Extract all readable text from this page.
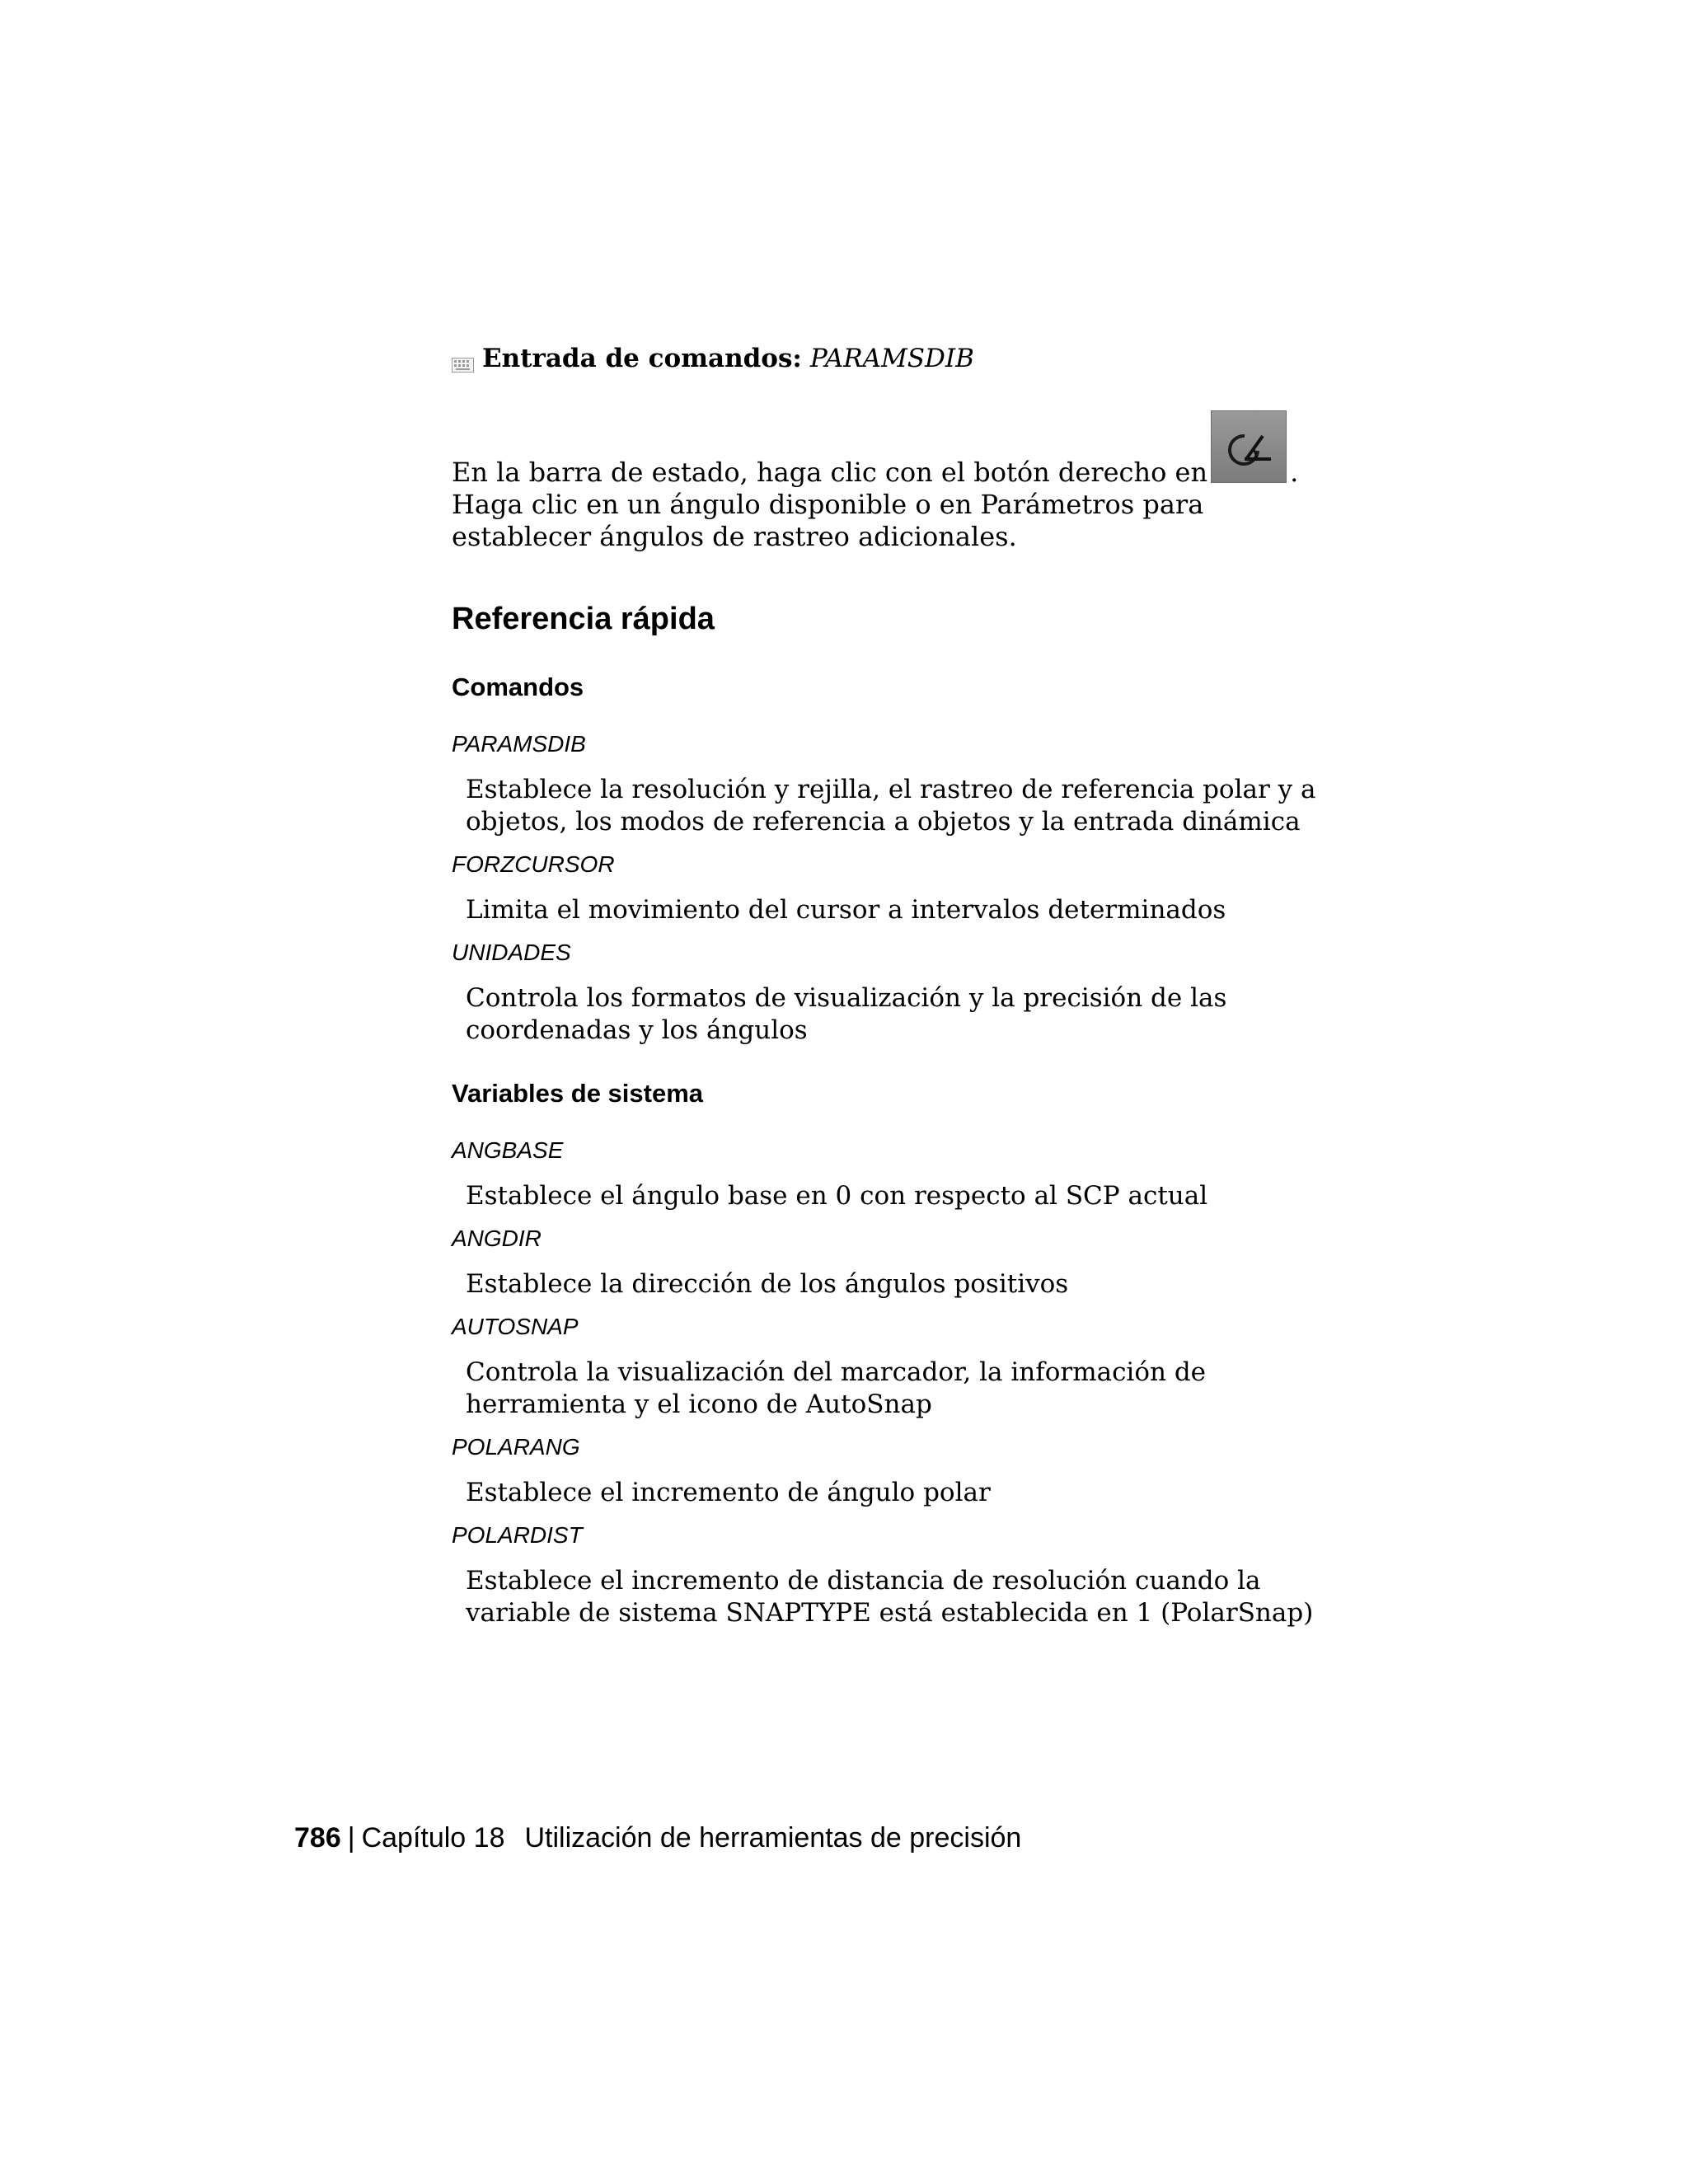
Entrada de comandos: PARAMSDIB
En la barra de estado, haga clic con el botón derecho en	. Haga clic en un ángulo disponible o en Parámetros para establecer ángulos de rastreo adicionales.
Referencia rápida
Comandos
PARAMSDIB
Establece la resolución y rejilla, el rastreo de referencia polar y a objetos, los modos de referencia a objetos y la entrada dinámica
FORZCURSOR
Limita el movimiento del cursor a intervalos determinados
UNIDADES
Controla los formatos de visualización y la precisión de las coordenadas y los ángulos
Variables de sistema
ANGBASE
Establece el ángulo base en 0 con respecto al SCP actual
ANGDIR
Establece la dirección de los ángulos positivos
AUTOSNAP
Controla la visualización del marcador, la información de herramienta y el icono de AutoSnap
POLARANG
Establece el incremento de ángulo polar
POLARDIST
Establece el incremento de distancia de resolución cuando la variable de sistema SNAPTYPE está establecida en 1 (PolarSnap)
786 | Capítulo 18 Utilización de herramientas de precisión
